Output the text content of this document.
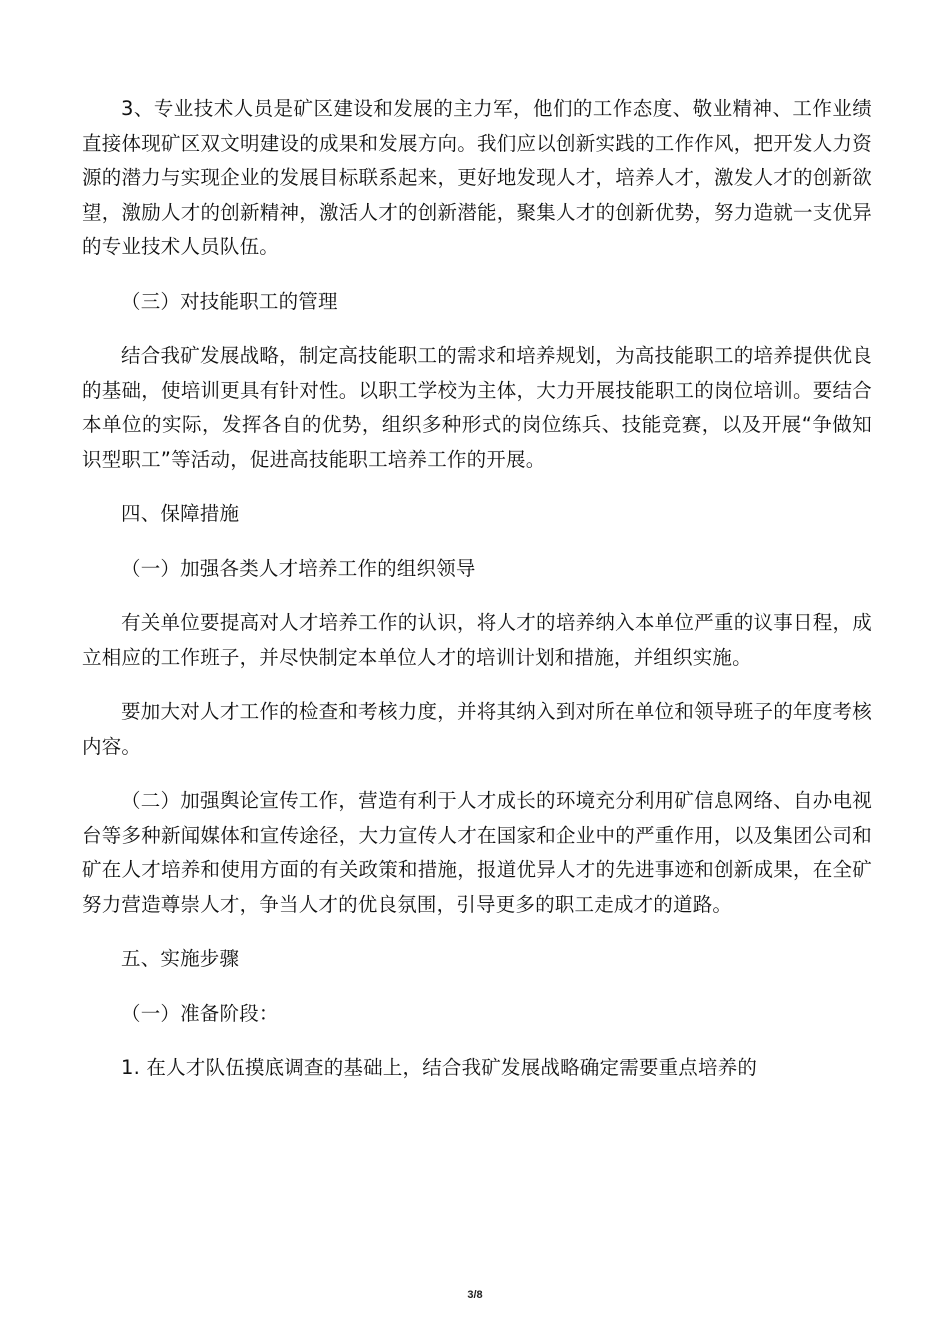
3、专业技术人员是矿区建设和发展的主力军，他们的工作态度、敬业精神、工作业绩直接体现矿区双文明建设的成果和发展方向。我们应以创新实践的工作作风，把开发人力资源的潜力与实现企业的发展目标联系起来，更好地发现人才，培养人才，激发人才的创新欲望，激励人才的创新精神，激活人才的创新潜能，聚集人才的创新优势，努力造就一支优异的专业技术人员队伍。

（三）对技能职工的管理

结合我矿发展战略，制定高技能职工的需求和培养规划，为高技能职工的培养提供优良的基础，使培训更具有针对性。以职工学校为主体，大力开展技能职工的岗位培训。要结合本单位的实际，发挥各自的优势，组织多种形式的岗位练兵、技能竞赛，以及开展“争做知识型职工”等活动，促进高技能职工培养工作的开展。

四、保障措施

（一）加强各类人才培养工作的组织领导

有关单位要提高对人才培养工作的认识，将人才的培养纳入本单位严重的议事日程，成立相应的工作班子，并尽快制定本单位人才的培训计划和措施，并组织实施。

要加大对人才工作的检查和考核力度，并将其纳入到对所在单位和领导班子的年度考核内容。

（二）加强舆论宣传工作，营造有利于人才成长的环境充分利用矿信息网络、自办电视台等多种新闻媒体和宣传途径，大力宣传人才在国家和企业中的严重作用，以及集团公司和矿在人才培养和使用方面的有关政策和措施，报道优异人才的先进事迹和创新成果，在全矿努力营造尊崇人才，争当人才的优良氛围，引导更多的职工走成才的道路。

五、实施步骤

（一）准备阶段：

1. 在人才队伍摸底调查的基础上，结合我矿发展战略确定需要重点培养的

3/8
